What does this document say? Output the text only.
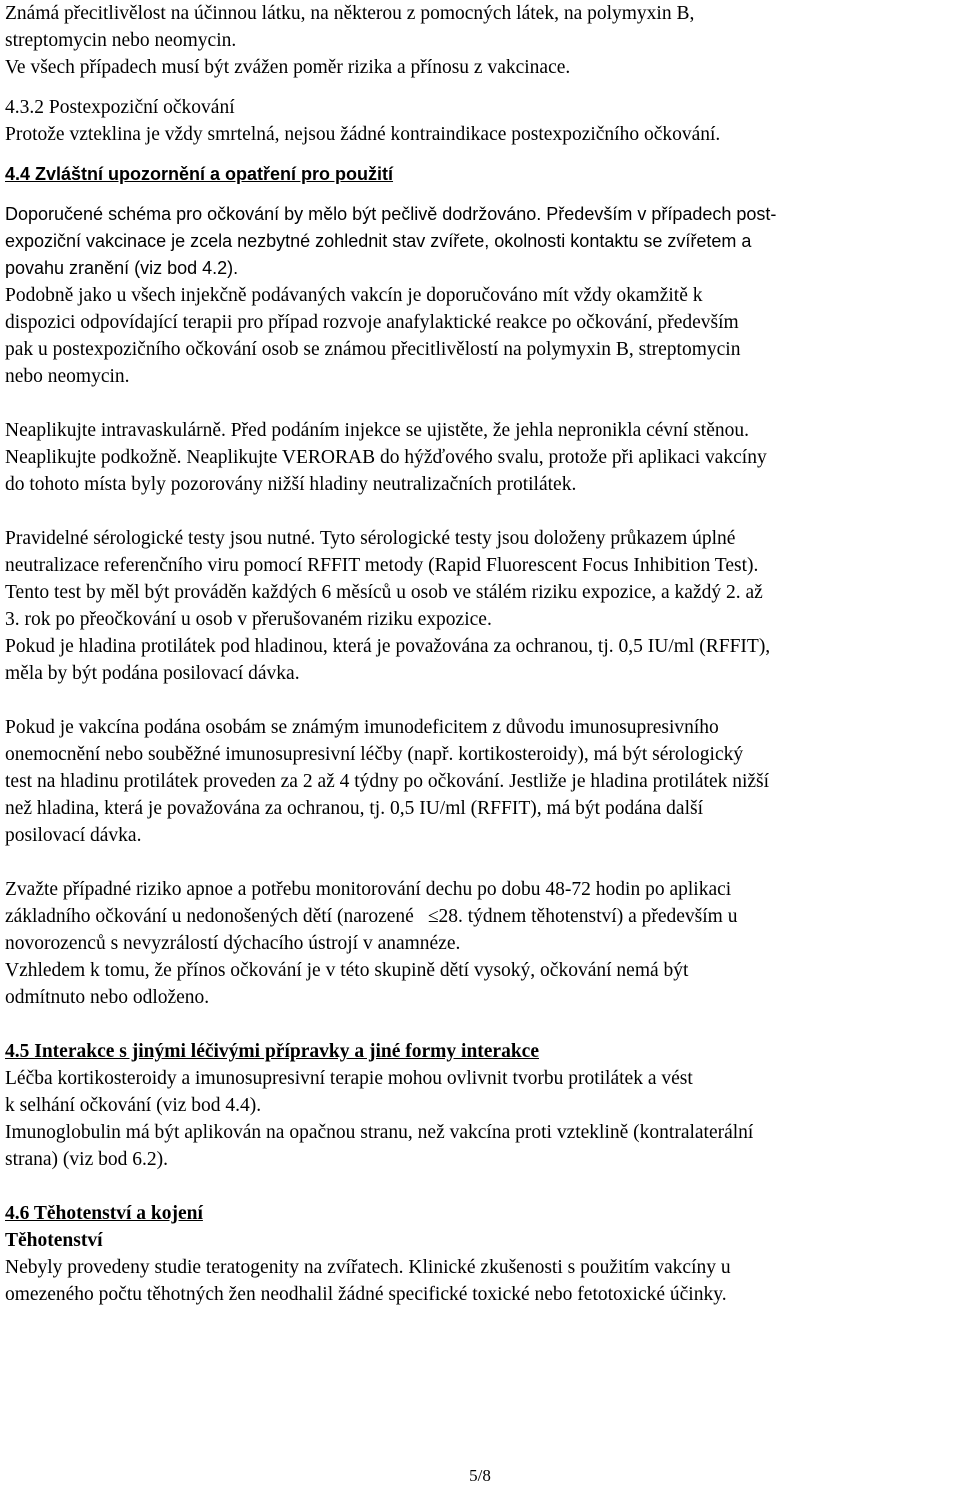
Známá přecitlivělost na účinnou látku, na některou z pomocných látek, na polymyxin B,
streptomycin nebo neomycin.
Ve všech případech musí být zvážen poměr rizika a přínosu z vakcinace.
4.3.2 Postexpoziční očkování
Protože vzteklina je vždy smrtelná, nejsou žádné kontraindikace postexpozičního očkování.
4.4 Zvláštní upozornění a opatření pro použití
Doporučené schéma pro očkování by mělo být pečlivě dodržováno. Především v případech post-
expoziční vakcinace je zcela nezbytné zohlednit stav zvířete, okolnosti kontaktu se zvířetem a
povahu zranění (viz bod 4.2).
Podobně jako u všech injekčně podávaných vakcín je doporučováno mít vždy okamžitě k
dispozici odpovídající terapii pro případ rozvoje anafylaktické reakce po očkování, především
pak u postexpozičního očkování osob se známou přecitlivělostí na polymyxin B, streptomycin
nebo neomycin.
Neaplikujte intravaskulárně. Před podáním injekce se ujistěte, že jehla nepronikla cévní stěnou.
Neaplikujte podkožně. Neaplikujte VERORAB do hýžďového svalu, protože při aplikaci vakcíny
do tohoto místa byly pozorovány nižší hladiny neutralizačních protilátek.
Pravidelné sérologické testy jsou nutné. Tyto sérologické testy jsou doloženy průkazem úplné
neutralizace referenčního viru pomocí RFFIT metody (Rapid Fluorescent Focus Inhibition Test).
Tento test by měl být prováděn každých 6 měsíců u osob ve stálém riziku expozice, a každý 2. až
3. rok po přeočkování u osob v přerušovaném riziku expozice.
Pokud je hladina protilátek pod hladinou, která je považována za ochranou, tj. 0,5 IU/ml (RFFIT),
měla by být podána posilovací dávka.
Pokud je vakcína podána osobám se známým imunodeficitem z důvodu imunosupresivního
onemocnění nebo souběžné imunosupresivní léčby (např. kortikosteroidy), má být sérologický
test na hladinu protilátek proveden za 2 až 4 týdny po očkování. Jestliže je hladina protilátek nižší
než hladina, která je považována za ochranou, tj. 0,5 IU/ml (RFFIT), má být podána další
posilovací dávka.
Zvažte případné riziko apnoe a potřebu monitorování dechu po dobu 48-72 hodin po aplikaci
základního očkování u nedonošených dětí (narozené ≤28. týdnem těhotenství) a především u
novorozenců s nevyzrálostí dýchacího ústrojí v anamnéze.
Vzhledem k tomu, že přínos očkování je v této skupině dětí vysoký, očkování nemá být
odmítnuto nebo odloženo.
4.5 Interakce s jinými léčivými přípravky a jiné formy interakce
Léčba kortikosteroidy a imunosupresivní terapie mohou ovlivnit tvorbu protilátek a vést
k selhání očkování (viz bod 4.4).
Imunoglobulin má být aplikován na opačnou stranu, než vakcína proti vzteklině (kontralaterální
strana) (viz bod 6.2).
4.6 Těhotenství a kojení
Těhotenství
Nebyly provedeny studie teratogenity na zvířatech. Klinické zkušenosti s použitím vakcíny u
omezeného počtu těhotných žen neodhalil žádné specifické toxické nebo fetotoxické účinky.
5/8
